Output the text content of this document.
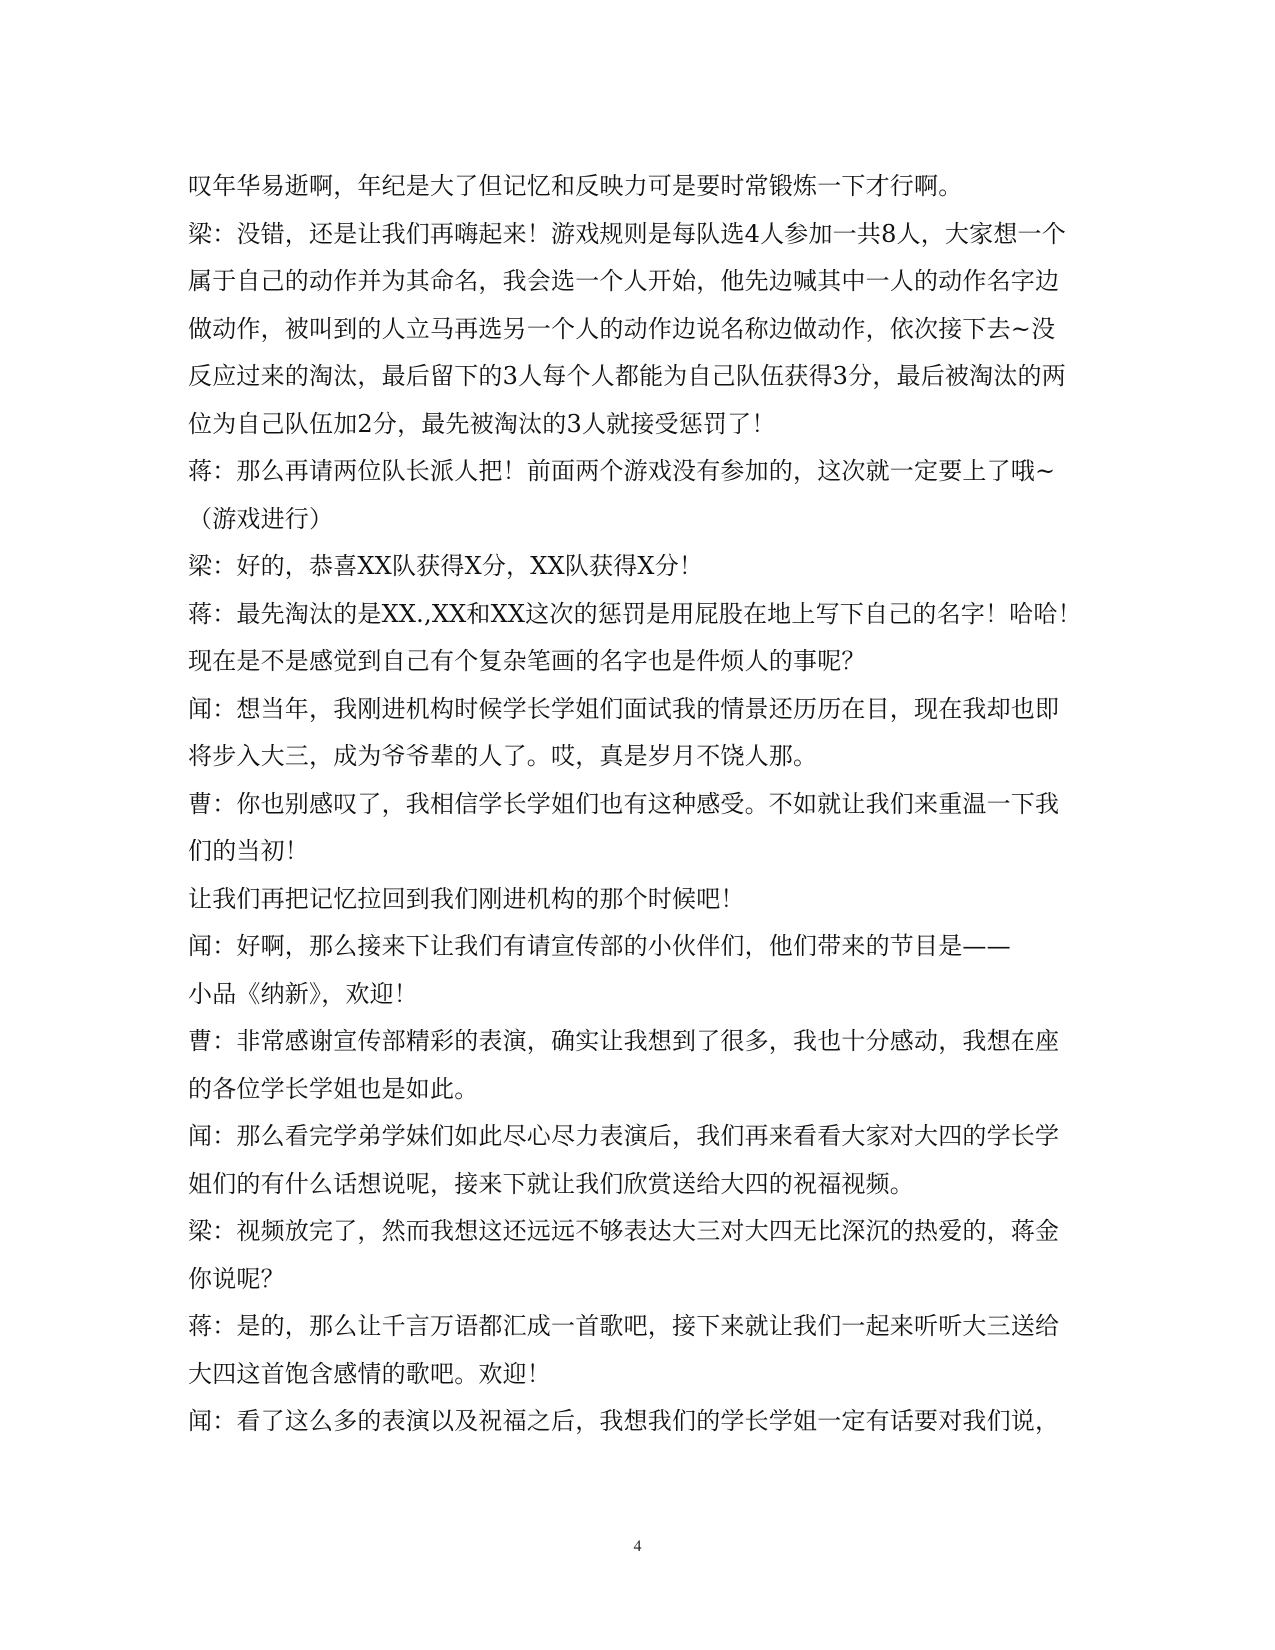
叹年华易逝啊，年纪是大了但记忆和反映力可是要时常锻炼一下才行啊。
梁：没错，还是让我们再嗨起来！游戏规则是每队选4人参加一共8人，大家想一个
属于自己的动作并为其命名，我会选一个人开始，他先边喊其中一人的动作名字边
做动作，被叫到的人立马再选另一个人的动作边说名称边做动作，依次接下去~没
反应过来的淘汰，最后留下的3人每个人都能为自己队伍获得3分，最后被淘汰的两
位为自己队伍加2分，最先被淘汰的3人就接受惩罚了！
蒋：那么再请两位队长派人把！前面两个游戏没有参加的，这次就一定要上了哦~
（游戏进行）
梁：好的，恭喜XX队获得X分，XX队获得X分！
蒋：最先淘汰的是XX.,XX和XX这次的惩罚是用屁股在地上写下自己的名字！哈哈！
现在是不是感觉到自己有个复杂笔画的名字也是件烦人的事呢？
闻：想当年，我刚进机构时候学长学姐们面试我的情景还历历在目，现在我却也即
将步入大三，成为爷爷辈的人了。哎，真是岁月不饶人那。
曹：你也别感叹了，我相信学长学姐们也有这种感受。不如就让我们来重温一下我
们的当初！
让我们再把记忆拉回到我们刚进机构的那个时候吧！
闻：好啊，那么接来下让我们有请宣传部的小伙伴们，他们带来的节目是——
小品《纳新》，欢迎！
曹：非常感谢宣传部精彩的表演，确实让我想到了很多，我也十分感动，我想在座
的各位学长学姐也是如此。
闻：那么看完学弟学妹们如此尽心尽力表演后，我们再来看看大家对大四的学长学
姐们的有什么话想说呢，接来下就让我们欣赏送给大四的祝福视频。
梁：视频放完了，然而我想这还远远不够表达大三对大四无比深沉的热爱的，蒋金
你说呢？
蒋：是的，那么让千言万语都汇成一首歌吧，接下来就让我们一起来听听大三送给
大四这首饱含感情的歌吧。欢迎！
闻：看了这么多的表演以及祝福之后，我想我们的学长学姐一定有话要对我们说，
4
